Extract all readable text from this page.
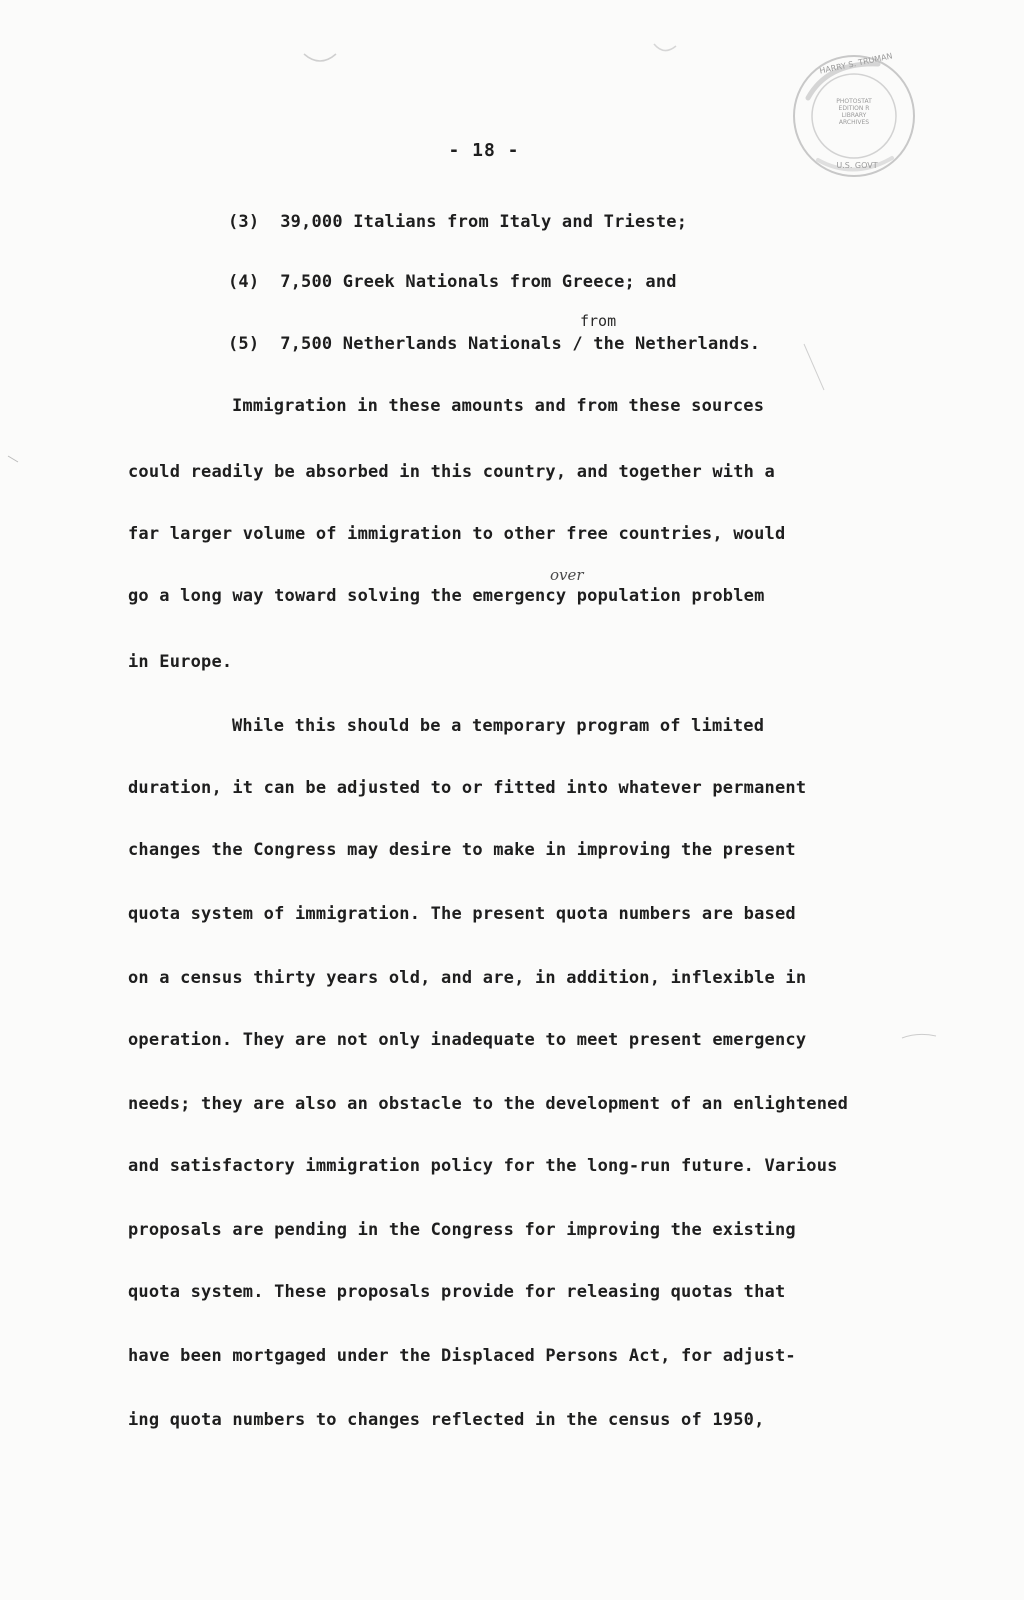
PHOTOSTAT
EDITION R
LIBRARY
ARCHIVES
HARRY S. TRUMAN
U.S. GOVT
- 18 -
(3) 39,000 Italians from Italy and Trieste;
(4) 7,500 Greek Nationals from Greece; and
from
(5) 7,500 Netherlands Nationals / the Netherlands.
Immigration in these amounts and from these sources
could readily be absorbed in this country, and together with a
far larger volume of immigration to other free countries, would
over
go a long way toward solving the emergency population problem
in Europe.
While this should be a temporary program of limited
duration, it can be adjusted to or fitted into whatever permanent
changes the Congress may desire to make in improving the present
quota system of immigration. The present quota numbers are based
on a census thirty years old, and are, in addition, inflexible in
operation. They are not only inadequate to meet present emergency
needs; they are also an obstacle to the development of an enlightened
and satisfactory immigration policy for the long-run future. Various
proposals are pending in the Congress for improving the existing
quota system. These proposals provide for releasing quotas that
have been mortgaged under the Displaced Persons Act, for adjust-
ing quota numbers to changes reflected in the census of 1950,
